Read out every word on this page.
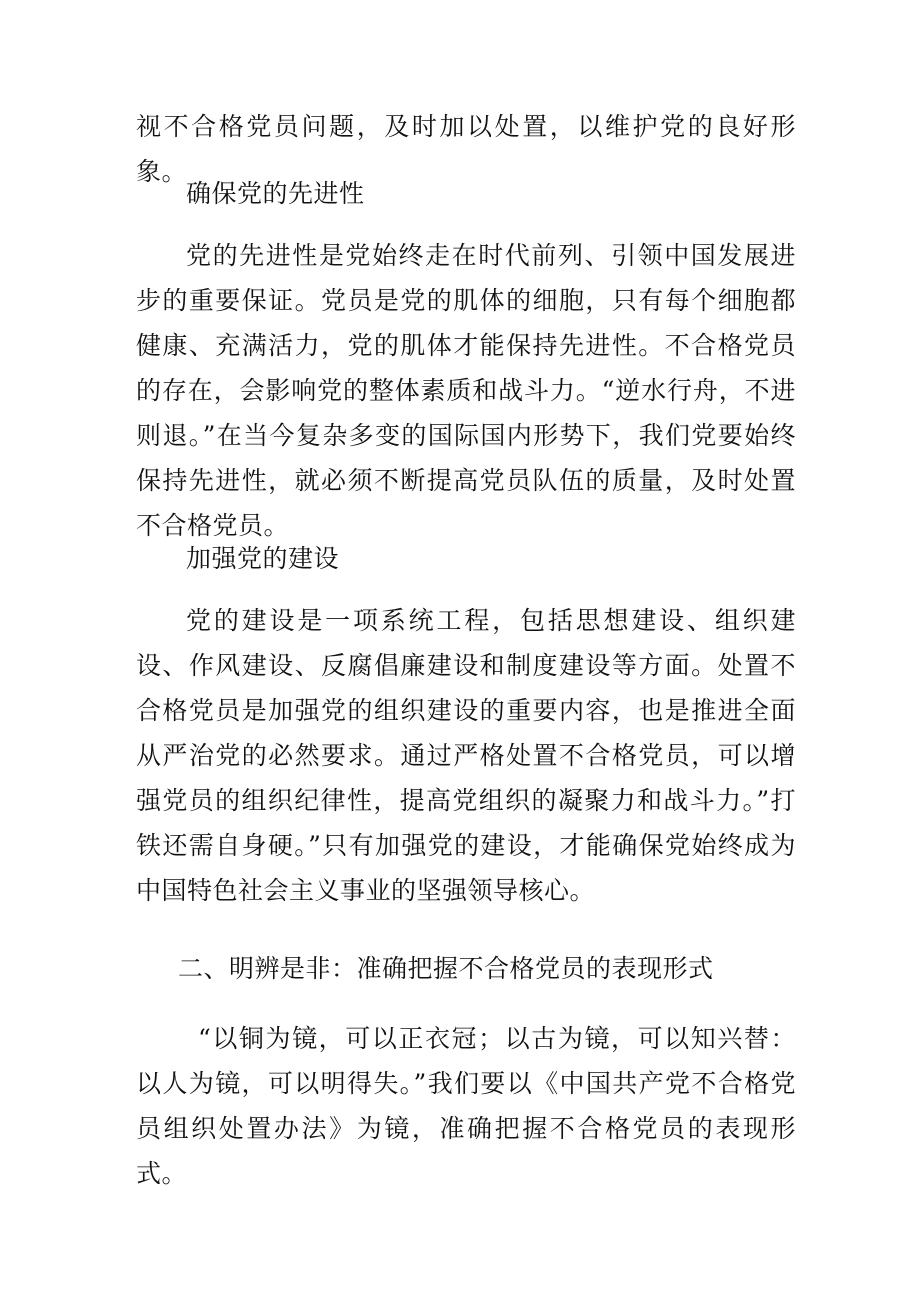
视不合格党员问题，及时加以处置，以维护党的良好形象。

确保党的先进性

党的先进性是党始终走在时代前列、引领中国发展进步的重要保证。党员是党的肌体的细胞，只有每个细胞都健康、充满活力，党的肌体才能保持先进性。不合格党员的存在，会影响党的整体素质和战斗力。“逆水行舟，不进则退。”在当今复杂多变的国际国内形势下，我们党要始终保持先进性，就必须不断提高党员队伍的质量，及时处置不合格党员。

加强党的建设

党的建设是一项系统工程，包括思想建设、组织建设、作风建设、反腐倡廉建设和制度建设等方面。处置不合格党员是加强党的组织建设的重要内容，也是推进全面从严治党的必然要求。通过严格处置不合格党员，可以增强党员的组织纪律性，提高党组织的凝聚力和战斗力。”打铁还需自身硬。”只有加强党的建设，才能确保党始终成为中国特色社会主义事业的坚强领导核心。

二、明辨是非：准确把握不合格党员的表现形式

“以铜为镜，可以正衣冠；以古为镜，可以知兴替：以人为镜，可以明得失。”我们要以《中国共产党不合格党员组织处置办法》为镜，准确把握不合格党员的表现形式。
